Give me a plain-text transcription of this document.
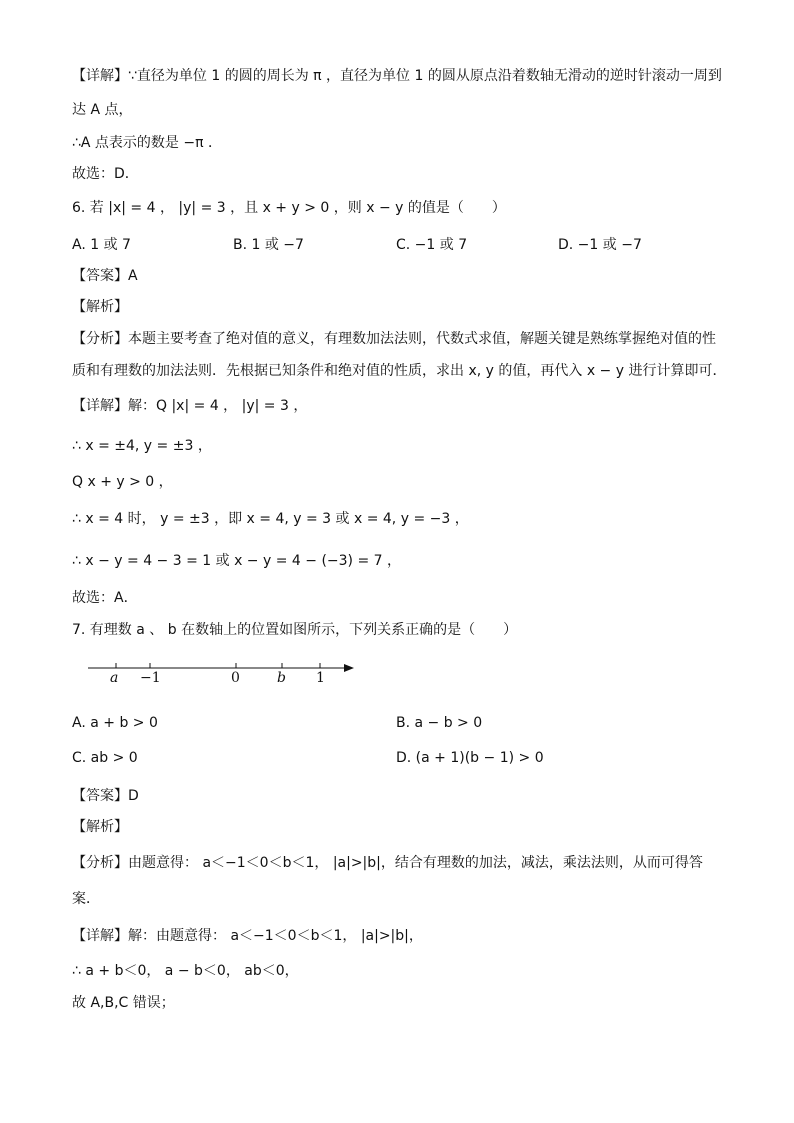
【详解】∵直径为单位 1 的圆的周长为 π ，直径为单位 1 的圆从原点沿着数轴无滑动的逆时针滚动一周到
达 A 点，
∴A 点表示的数是 −π ．
故选：D．
6. 若 |x| = 4 ， |y| = 3 ，且 x + y > 0 ，则 x − y 的值是（　　）
A. 1 或 7	B. 1 或 −7	C. −1 或 7	D. −1 或 −7
【答案】A
【解析】
【分析】本题主要考查了绝对值的意义，有理数加法法则，代数式求值，解题关键是熟练掌握绝对值的性
质和有理数的加法法则．先根据已知条件和绝对值的性质，求出 x, y 的值，再代入 x − y 进行计算即可．
【详解】解：Q |x| = 4 ， |y| = 3 ，
∴ x = ±4, y = ±3 ，
Q x + y > 0 ，
∴ x = 4 时， y = ±3 ，即 x = 4, y = 3 或 x = 4, y = −3 ，
∴ x − y = 4 − 3 = 1 或 x − y = 4 − (−3) = 7 ，
故选：A．
7. 有理数 a 、 b 在数轴上的位置如图所示，下列关系正确的是（　　）
a −1	0	b 1
A. a + b > 0	B. a − b > 0
C. ab > 0	D. (a + 1)(b − 1) > 0
【答案】D
【解析】
【分析】由题意得： a＜−1＜0＜b＜1， |a|>|b|，结合有理数的加法，减法，乘法法则，从而可得答
案．
【详解】解：由题意得： a＜−1＜0＜b＜1， |a|>|b|，
∴ a + b＜0， a − b＜0， ab＜0，
故 A,B,C 错误；
